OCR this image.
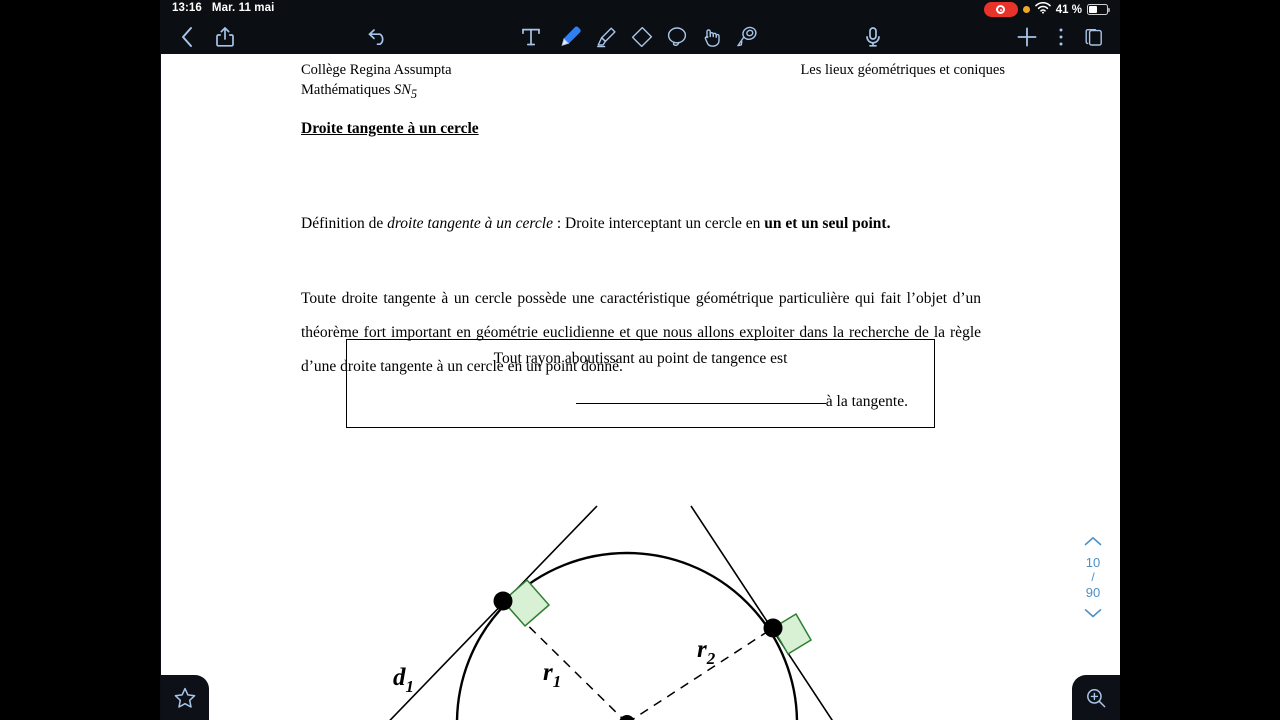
13:16 Mar. 11 mai	41 %
Collège Regina Assumpta
Mathématiques $SN_5$
Les lieux géométriques et coniques
Droite tangente à un cercle
Définition de droite tangente à un cercle : Droite interceptant un cercle en un et un seul point.
Toute droite tangente à un cercle possède une caractéristique géométrique particulière qui fait l’objet d’un théorème fort important en géométrie euclidienne et que nous allons exploiter dans la recherche de la règle d’une droite tangente à un cercle en un point donné.
Tout rayon aboutissant au point de tangence est
à la tangente.
$d_1$
$r_1$
$r_2$
10
/
90
